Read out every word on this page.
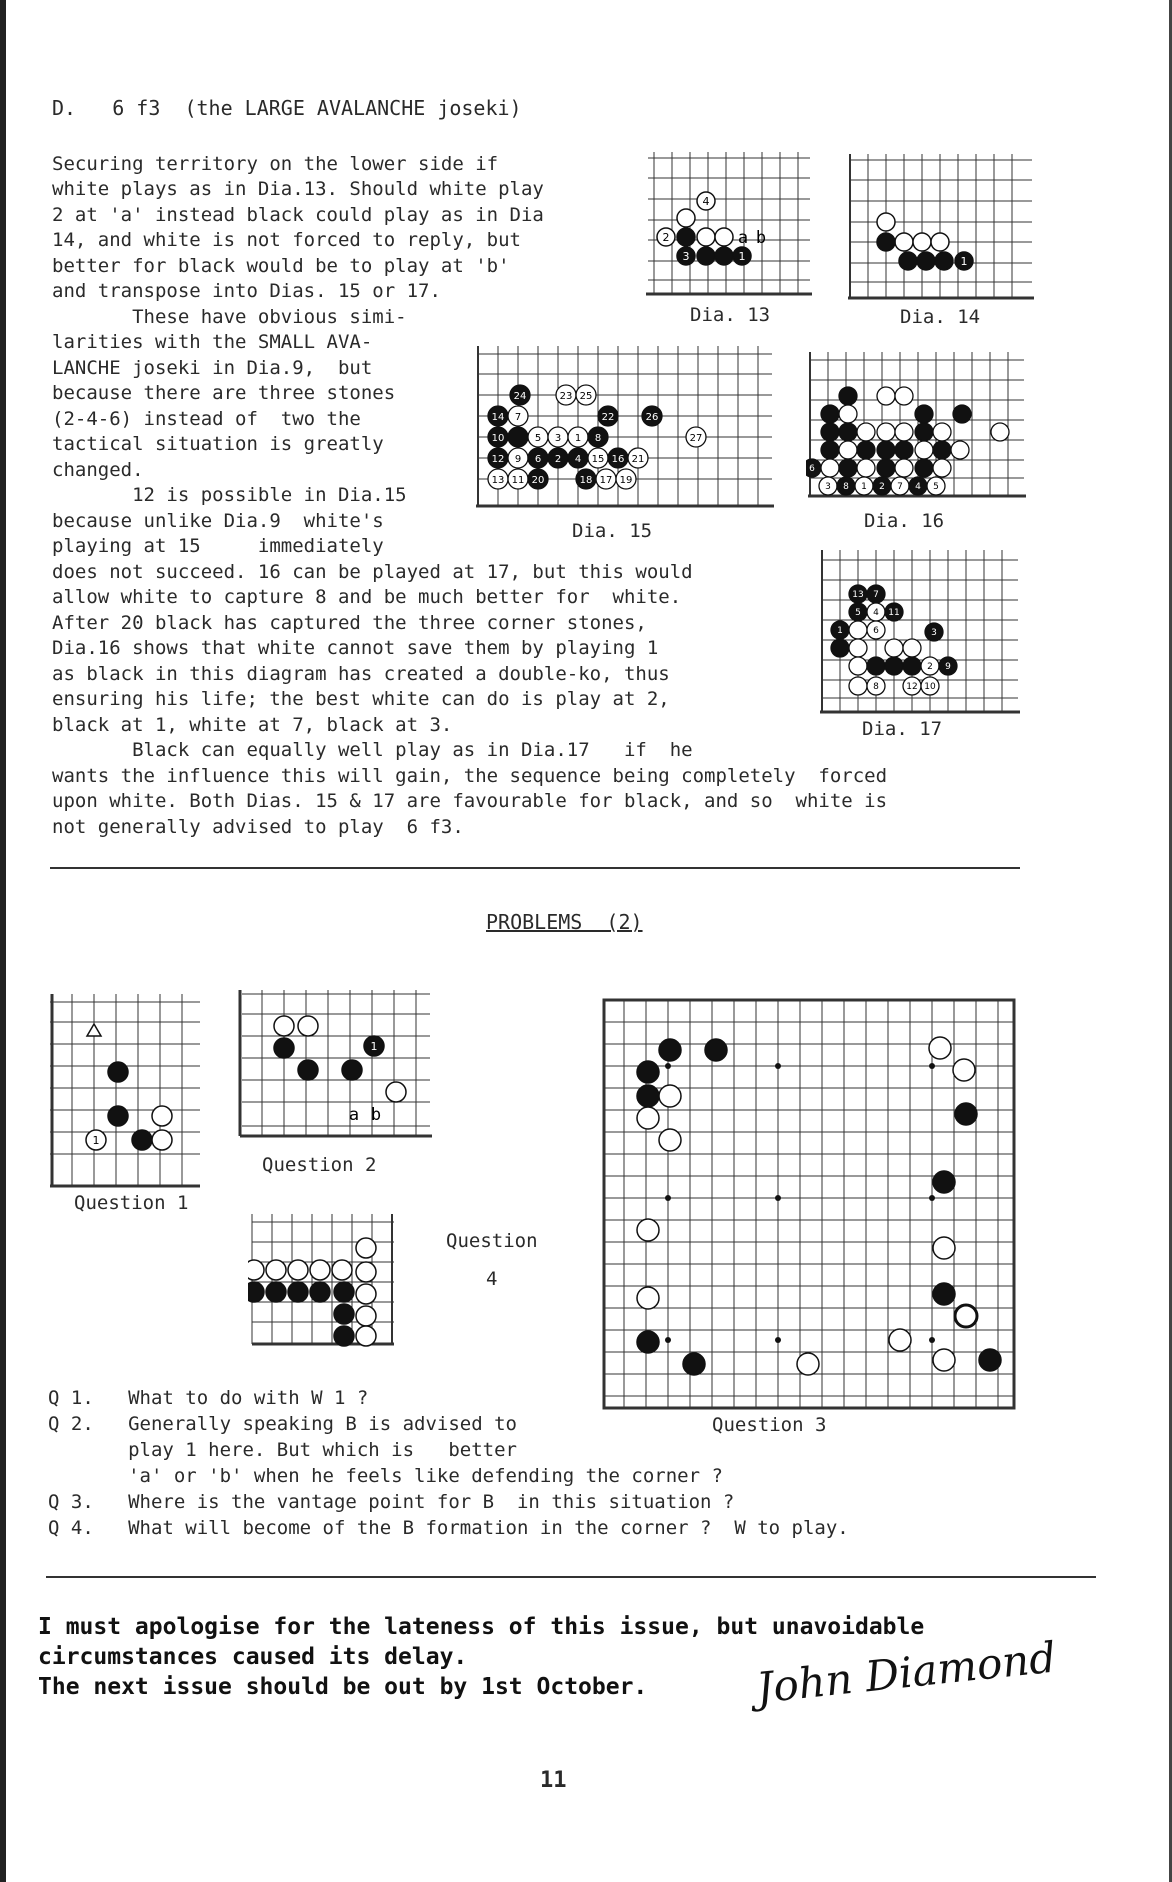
D.   6 f3  (the LARGE AVALANCHE joseki)
Securing territory on the lower side if
white plays as in Dia.13. Should white play
2 at 'a' instead black could play as in Dia
14, and white is not forced to reply, but
better for black would be to play at 'b'
and transpose into Dias. 15 or 17.
These have obvious simi-
larities with the SMALL AVA-
LANCHE joseki in Dia.9,  but
because there are three stones
(2-4-6) instead of  two the
tactical situation is greatly
changed.
12 is possible in Dia.15
because unlike Dia.9  white's
playing at 15     immediately
does not succeed. 16 can be played at 17, but this would
allow white to capture 8 and be much better for  white.
After 20 black has captured the three corner stones,
Dia.16 shows that white cannot save them by playing 1
as black in this diagram has created a double-ko, thus
ensuring his life; the best white can do is play at 2,
black at 1, white at 7, black at 3.
Black can equally well play as in Dia.17   if  he
wants the influence this will gain, the sequence being completely  forced
upon white. Both Dias. 15 & 17 are favourable for black, and so  white is
not generally advised to play  6 f3.
4
2
3	1
a b
Dia. 13
1
Dia. 14
24	23 25
14 7	22	26
10	5 3 1 8	27
12 9 6 2 4 15 16 21
13 11 20	18 17 19
Dia. 15
6
3 8 1 2 7 4 5
Dia. 16
13 7
5 4 11
1	6	3
2 9
8	12 10
Dia. 17
PROBLEMS  (2)
1
Question 1
1
a b
Question 2
Question
4
Question 3
Q 1.   What to do with W 1 ?
Q 2.   Generally speaking B is advised to
play 1 here. But which is   better
'a' or 'b' when he feels like defending the corner ?
Q 3.   Where is the vantage point for B  in this situation ?
Q 4.   What will become of the B formation in the corner ?  W to play.
I must apologise for the lateness of this issue, but unavoidable
circumstances caused its delay.
The next issue should be out by 1st October.	John Diamond
11
